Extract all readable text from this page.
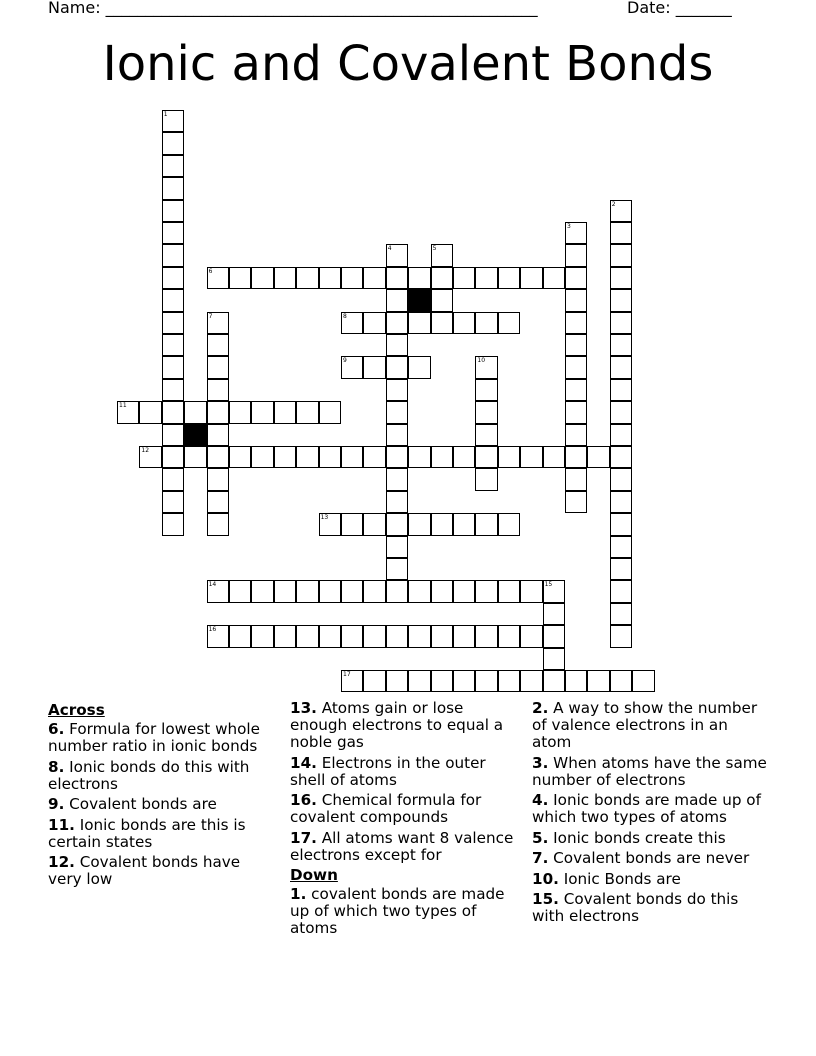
Name: ______________________________________________________	Date: _______
Ionic and Covalent Bonds
1
2
3
4	5
6
7	8
9	10
11
12
13
14	15
16
17
Across
6. Formula for lowest whole number ratio in ionic bonds
8. Ionic bonds do this with electrons
9. Covalent bonds are
11. Ionic bonds are this is certain states
12. Covalent bonds have very low
13. Atoms gain or lose enough electrons to equal a noble gas
14. Electrons in the outer shell of atoms
16. Chemical formula for covalent compounds
17. All atoms want 8 valence electrons except for
Down
1. covalent bonds are made up of which two types of atoms
2. A way to show the number of valence electrons in an atom
3. When atoms have the same number of electrons
4. Ionic bonds are made up of which two types of atoms
5. Ionic bonds create this
7. Covalent bonds are never
10. Ionic Bonds are
15. Covalent bonds do this with electrons
